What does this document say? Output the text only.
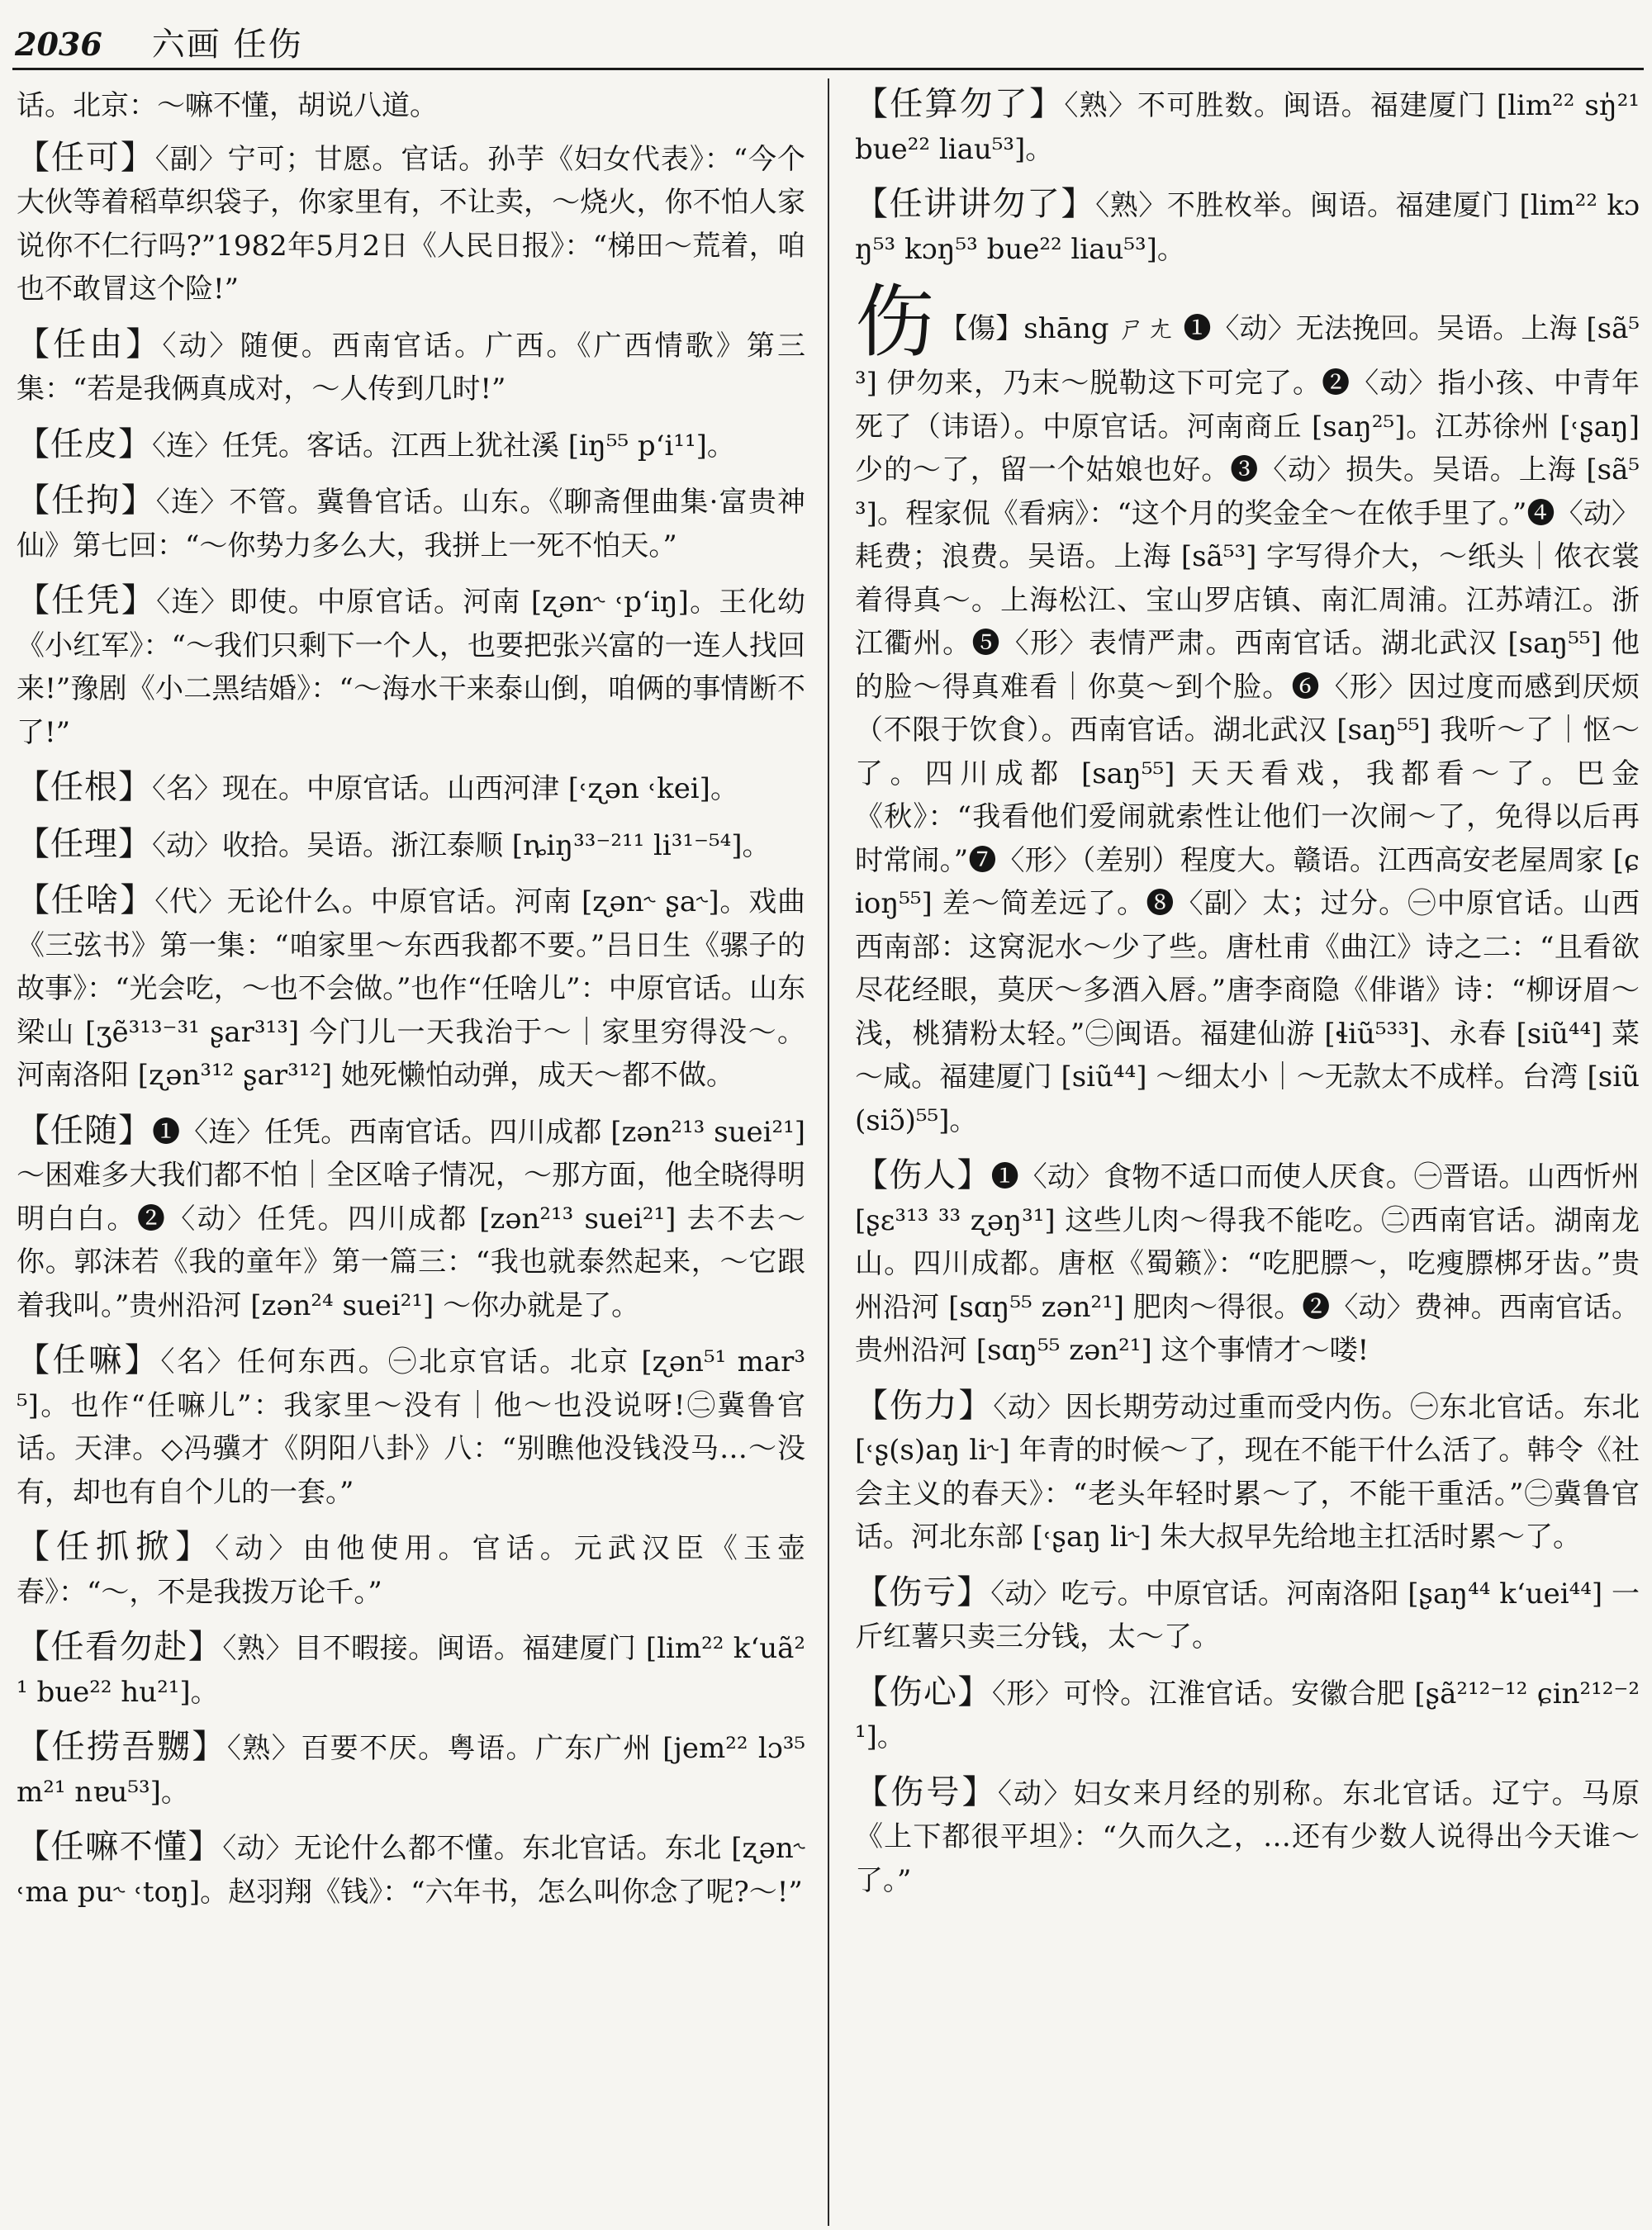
2036 六画 任伤

话。北京：～嘛不懂，胡说八道。

【任可】〈副〉宁可；甘愿。官话。孙芋《妇女代表》：“今个大伙等着稻草织袋子，你家里有，不让卖，～烧火，你不怕人家说你不仁行吗?”1982年5月2日《人民日报》：“梯田～荒着，咱也不敢冒这个险!”

【任由】〈动〉随便。西南官话。广西。《广西情歌》第三集：“若是我俩真成对，～人传到几时!”

【任皮】〈连〉任凭。客话。江西上犹社溪 [iŋ⁵⁵ p‘i¹¹]。

【任拘】〈连〉不管。冀鲁官话。山东。《聊斋俚曲集·富贵神仙》第七回：“～你势力多么大，我拼上一死不怕天。”

【任凭】〈连〉即使。中原官话。河南 [ʐən˞ ˓p‘iŋ]。王化幼《小红军》：“～我们只剩下一个人，也要把张兴富的一连人找回来!”豫剧《小二黑结婚》：“～海水干来泰山倒，咱俩的事情断不了!”

【任根】〈名〉现在。中原官话。山西河津 [˓ʐən ˓kei]。

【任理】〈动〉收拾。吴语。浙江泰顺 [ȵiŋ³³⁻²¹¹ li³¹⁻⁵⁴]。

【任啥】〈代〉无论什么。中原官话。河南 [ʐən˞ ʂa˞]。戏曲《三弦书》第一集：“咱家里～东西我都不要。”吕日生《骡子的故事》：“光会吃，～也不会做。”也作“任啥儿”：中原官话。山东梁山 [ʒẽ³¹³⁻³¹ ʂar³¹³] 今门儿一天我治于～｜家里穷得没～。河南洛阳 [ʐən³¹² ʂar³¹²] 她死懒怕动弹，成天～都不做。

【任随】❶〈连〉任凭。西南官话。四川成都 [zən²¹³ suei²¹] ～困难多大我们都不怕｜全区啥子情况，～那方面，他全晓得明明白白。❷〈动〉任凭。四川成都 [zən²¹³ suei²¹] 去不去～你。郭沫若《我的童年》第一篇三：“我也就泰然起来，～它跟着我叫。”贵州沿河 [zən²⁴ suei²¹] ～你办就是了。

【任嘛】〈名〉任何东西。㊀北京官话。北京 [ʐən⁵¹ mar³⁵]。也作“任嘛儿”：我家里～没有｜他～也没说呀!㊁冀鲁官话。天津。◇冯骥才《阴阳八卦》八：“别瞧他没钱没马…～没有，却也有自个儿的一套。”

【任抓掀】〈动〉由他使用。官话。元武汉臣《玉壶春》：“～，不是我拨万论千。”

【任看勿赴】〈熟〉目不暇接。闽语。福建厦门 [lim²² k‘uã²¹ bue²² hu²¹]。

【任捞吾嬲】〈熟〉百要不厌。粤语。广东广州 [jem²² lɔ³⁵ m²¹ nɐu⁵³]。

【任嘛不懂】〈动〉无论什么都不懂。东北官话。东北 [ʐən˞ ˓ma pu˞ ˓toŋ]。赵羽翔《钱》：“六年书，怎么叫你念了呢?～!”

【任算勿了】〈熟〉不可胜数。闽语。福建厦门 [lim²² sŋ̍²¹ bue²² liau⁵³]。

【任讲讲勿了】〈熟〉不胜枚举。闽语。福建厦门 [lim²² kɔŋ⁵³ kɔŋ⁵³ bue²² liau⁵³]。

伤 【傷】shāng ㄕㄤ ❶〈动〉无法挽回。吴语。上海 [sã⁵³] 伊勿来，乃末～脱勒这下可完了。❷〈动〉指小孩、中青年死了（讳语）。中原官话。河南商丘 [saŋ²⁵]。江苏徐州 [˓ʂaŋ] 少的～了，留一个姑娘也好。❸〈动〉损失。吴语。上海 [sã⁵³]。程家侃《看病》：“这个月的奖金全～在侬手里了。”❹〈动〉耗费；浪费。吴语。上海 [sã⁵³] 字写得介大，～纸头｜侬衣裳着得真～。上海松江、宝山罗店镇、南汇周浦。江苏靖江。浙江衢州。❺〈形〉表情严肃。西南官话。湖北武汉 [saŋ⁵⁵] 他的脸～得真难看｜你莫～到个脸。❻〈形〉因过度而感到厌烦（不限于饮食）。西南官话。湖北武汉 [saŋ⁵⁵] 我听～了｜怄～了。四川成都 [saŋ⁵⁵] 天天看戏，我都看～了。巴金《秋》：“我看他们爱闹就索性让他们一次闹～了，免得以后再时常闹。”❼〈形〉（差别）程度大。赣语。江西高安老屋周家 [ɕioŋ⁵⁵] 差～简差远了。❽〈副〉太；过分。㊀中原官话。山西西南部：这窝泥水～少了些。唐杜甫《曲江》诗之二：“且看欲尽花经眼，莫厌～多酒入唇。”唐李商隐《俳谐》诗：“柳讶眉～浅，桃猜粉太轻。”㊁闽语。福建仙游 [ɬiũ⁵³³]、永春 [siũ⁴⁴] 菜～咸。福建厦门 [siũ⁴⁴] ～细太小｜～无款太不成样。台湾 [siũ(siɔ̃)⁵⁵]。

【伤人】❶〈动〉食物不适口而使人厌食。㊀晋语。山西忻州 [ʂɛ³¹³ ³³ ʐəŋ³¹] 这些儿肉～得我不能吃。㊁西南官话。湖南龙山。四川成都。唐枢《蜀籁》：“吃肥膘～，吃瘦膘梆牙齿。”贵州沿河 [sɑŋ⁵⁵ zən²¹] 肥肉～得很。❷〈动〉费神。西南官话。贵州沿河 [sɑŋ⁵⁵ zən²¹] 这个事情才～喽!

【伤力】〈动〉因长期劳动过重而受内伤。㊀东北官话。东北 [˓ʂ(s)aŋ li˞] 年青的时候～了，现在不能干什么活了。韩令《社会主义的春天》：“老头年轻时累～了，不能干重活。”㊁冀鲁官话。河北东部 [˓ʂaŋ li˞] 朱大叔早先给地主扛活时累～了。

【伤亏】〈动〉吃亏。中原官话。河南洛阳 [ʂaŋ⁴⁴ k‘uei⁴⁴] 一斤红薯只卖三分钱，太～了。

【伤心】〈形〉可怜。江淮官话。安徽合肥 [ʂã²¹²⁻¹² ɕin²¹²⁻²¹]。

【伤号】〈动〉妇女来月经的别称。东北官话。辽宁。马原《上下都很平坦》：“久而久之，…还有少数人说得出今天谁～了。”
